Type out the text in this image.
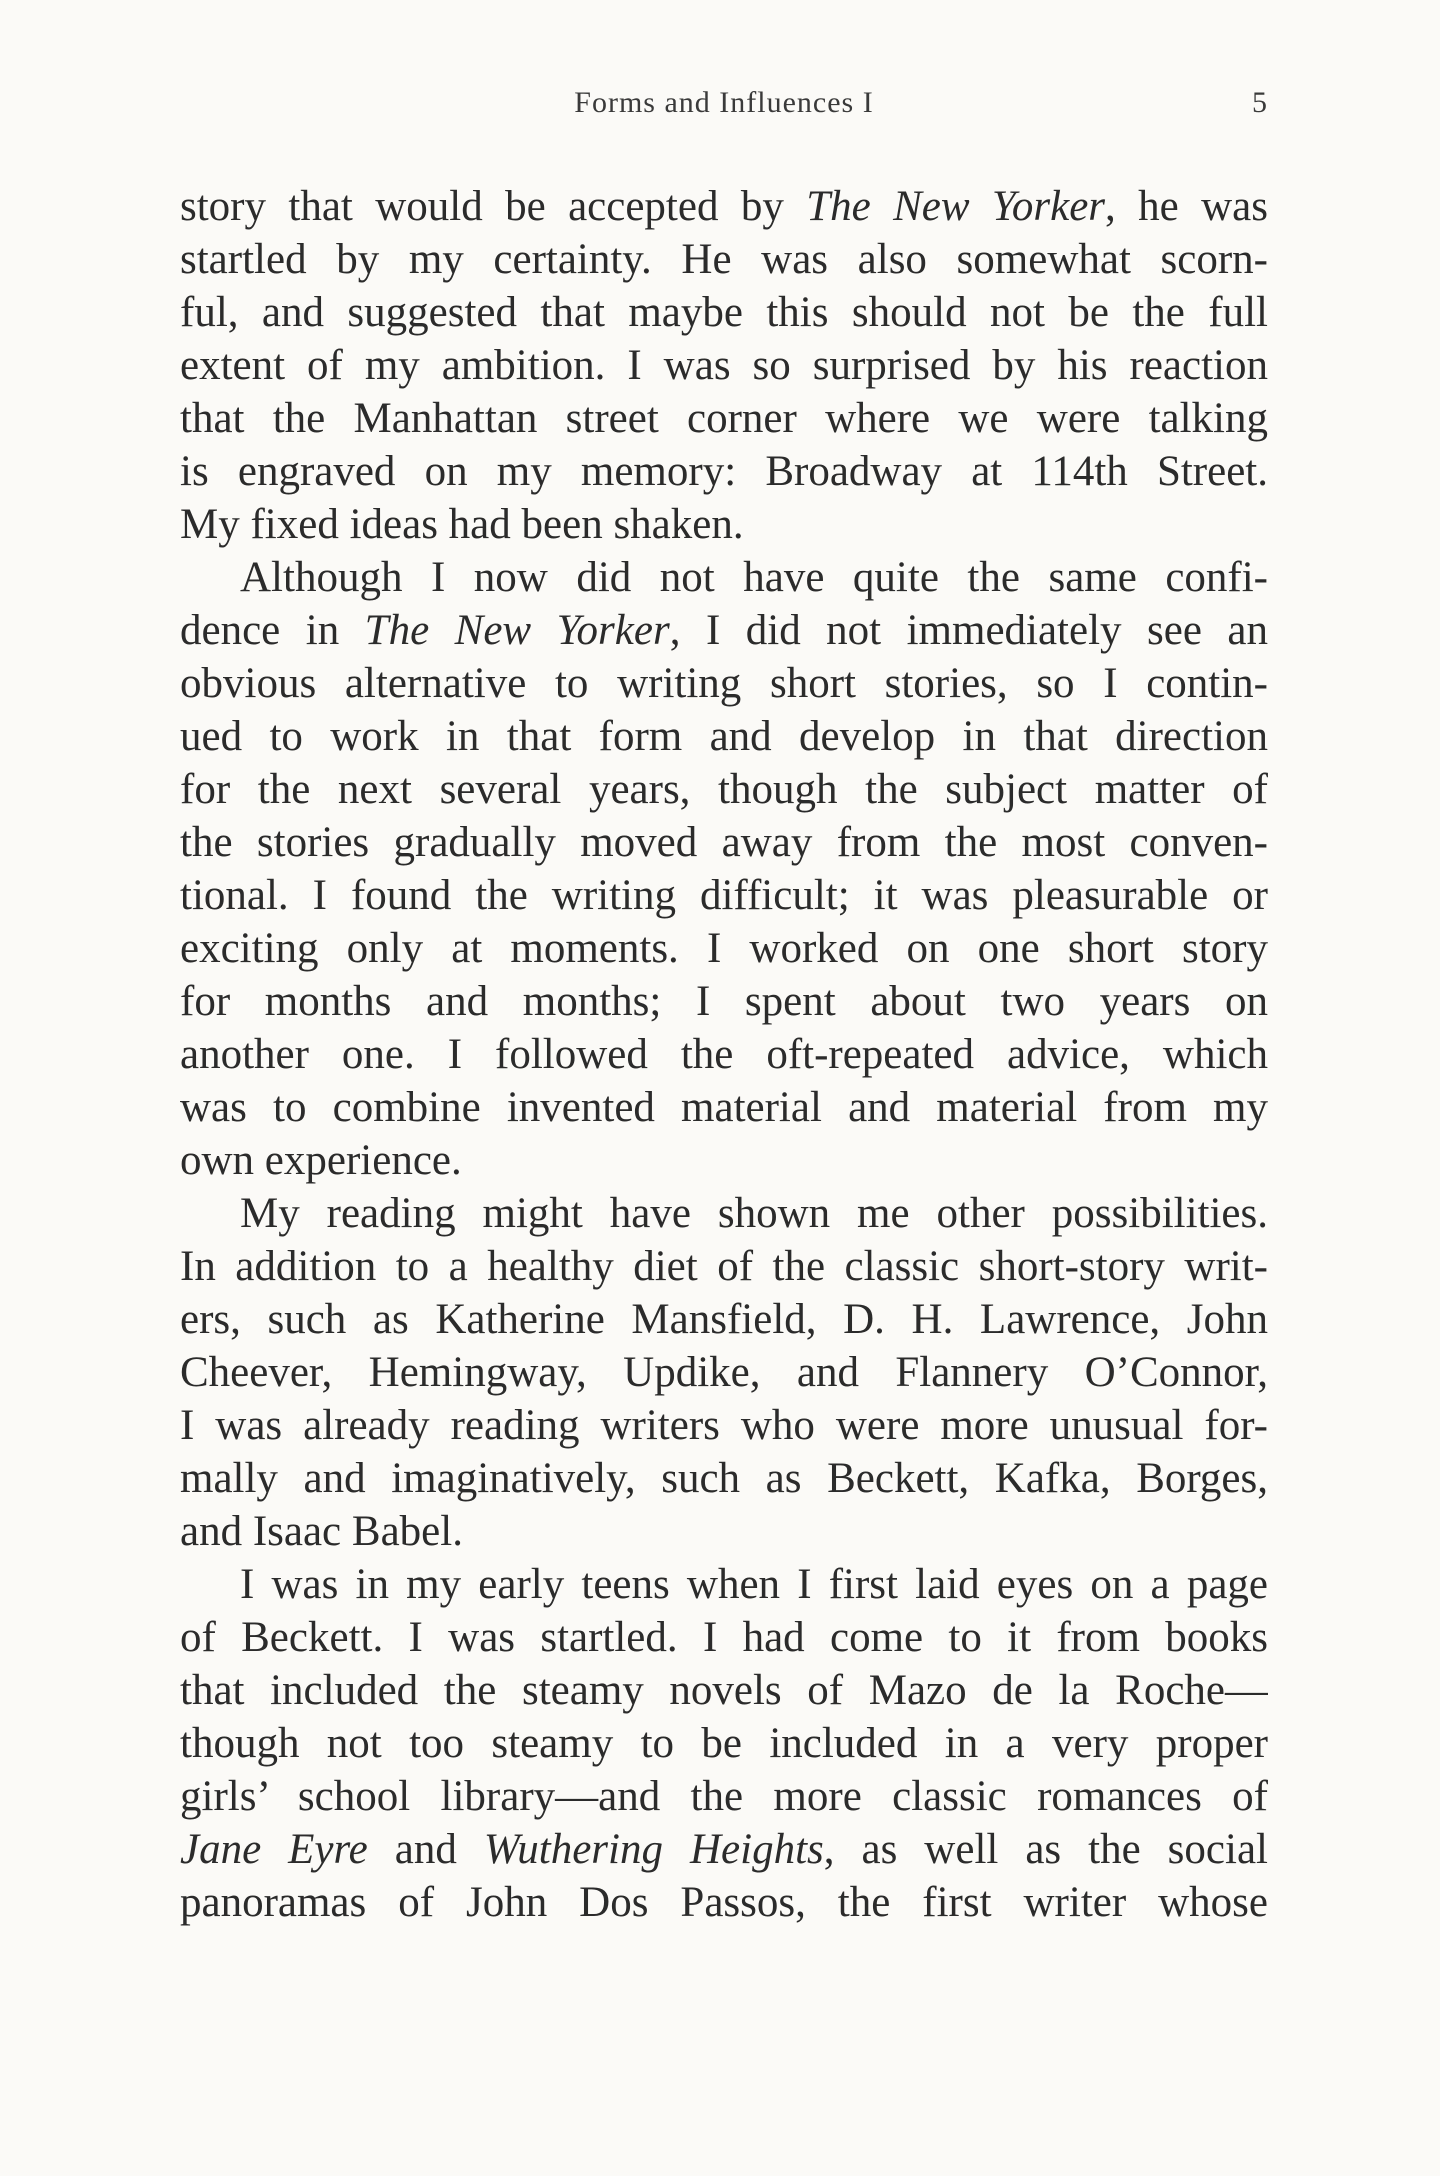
Forms and Influences I	5
story that would be accepted by The New Yorker, he was
startled by my certainty. He was also somewhat scorn-
ful, and suggested that maybe this should not be the full
extent of my ambition. I was so surprised by his reaction
that the Manhattan street corner where we were talking
is engraved on my memory: Broadway at 114th Street.
My fixed ideas had been shaken.
Although I now did not have quite the same confi-
dence in The New Yorker, I did not immediately see an
obvious alternative to writing short stories, so I contin-
ued to work in that form and develop in that direction
for the next several years, though the subject matter of
the stories gradually moved away from the most conven-
tional. I found the writing difficult; it was pleasurable or
exciting only at moments. I worked on one short story
for months and months; I spent about two years on
another one. I followed the oft-repeated advice, which
was to combine invented material and material from my
own experience.
My reading might have shown me other possibilities.
In addition to a healthy diet of the classic short-story writ-
ers, such as Katherine Mansfield, D. H. Lawrence, John
Cheever, Hemingway, Updike, and Flannery O’Connor,
I was already reading writers who were more unusual for-
mally and imaginatively, such as Beckett, Kafka, Borges,
and Isaac Babel.
I was in my early teens when I first laid eyes on a page
of Beckett. I was startled. I had come to it from books
that included the steamy novels of Mazo de la Roche—
though not too steamy to be included in a very proper
girls’ school library—and the more classic romances of
Jane Eyre and Wuthering Heights, as well as the social
panoramas of John Dos Passos, the first writer whose
